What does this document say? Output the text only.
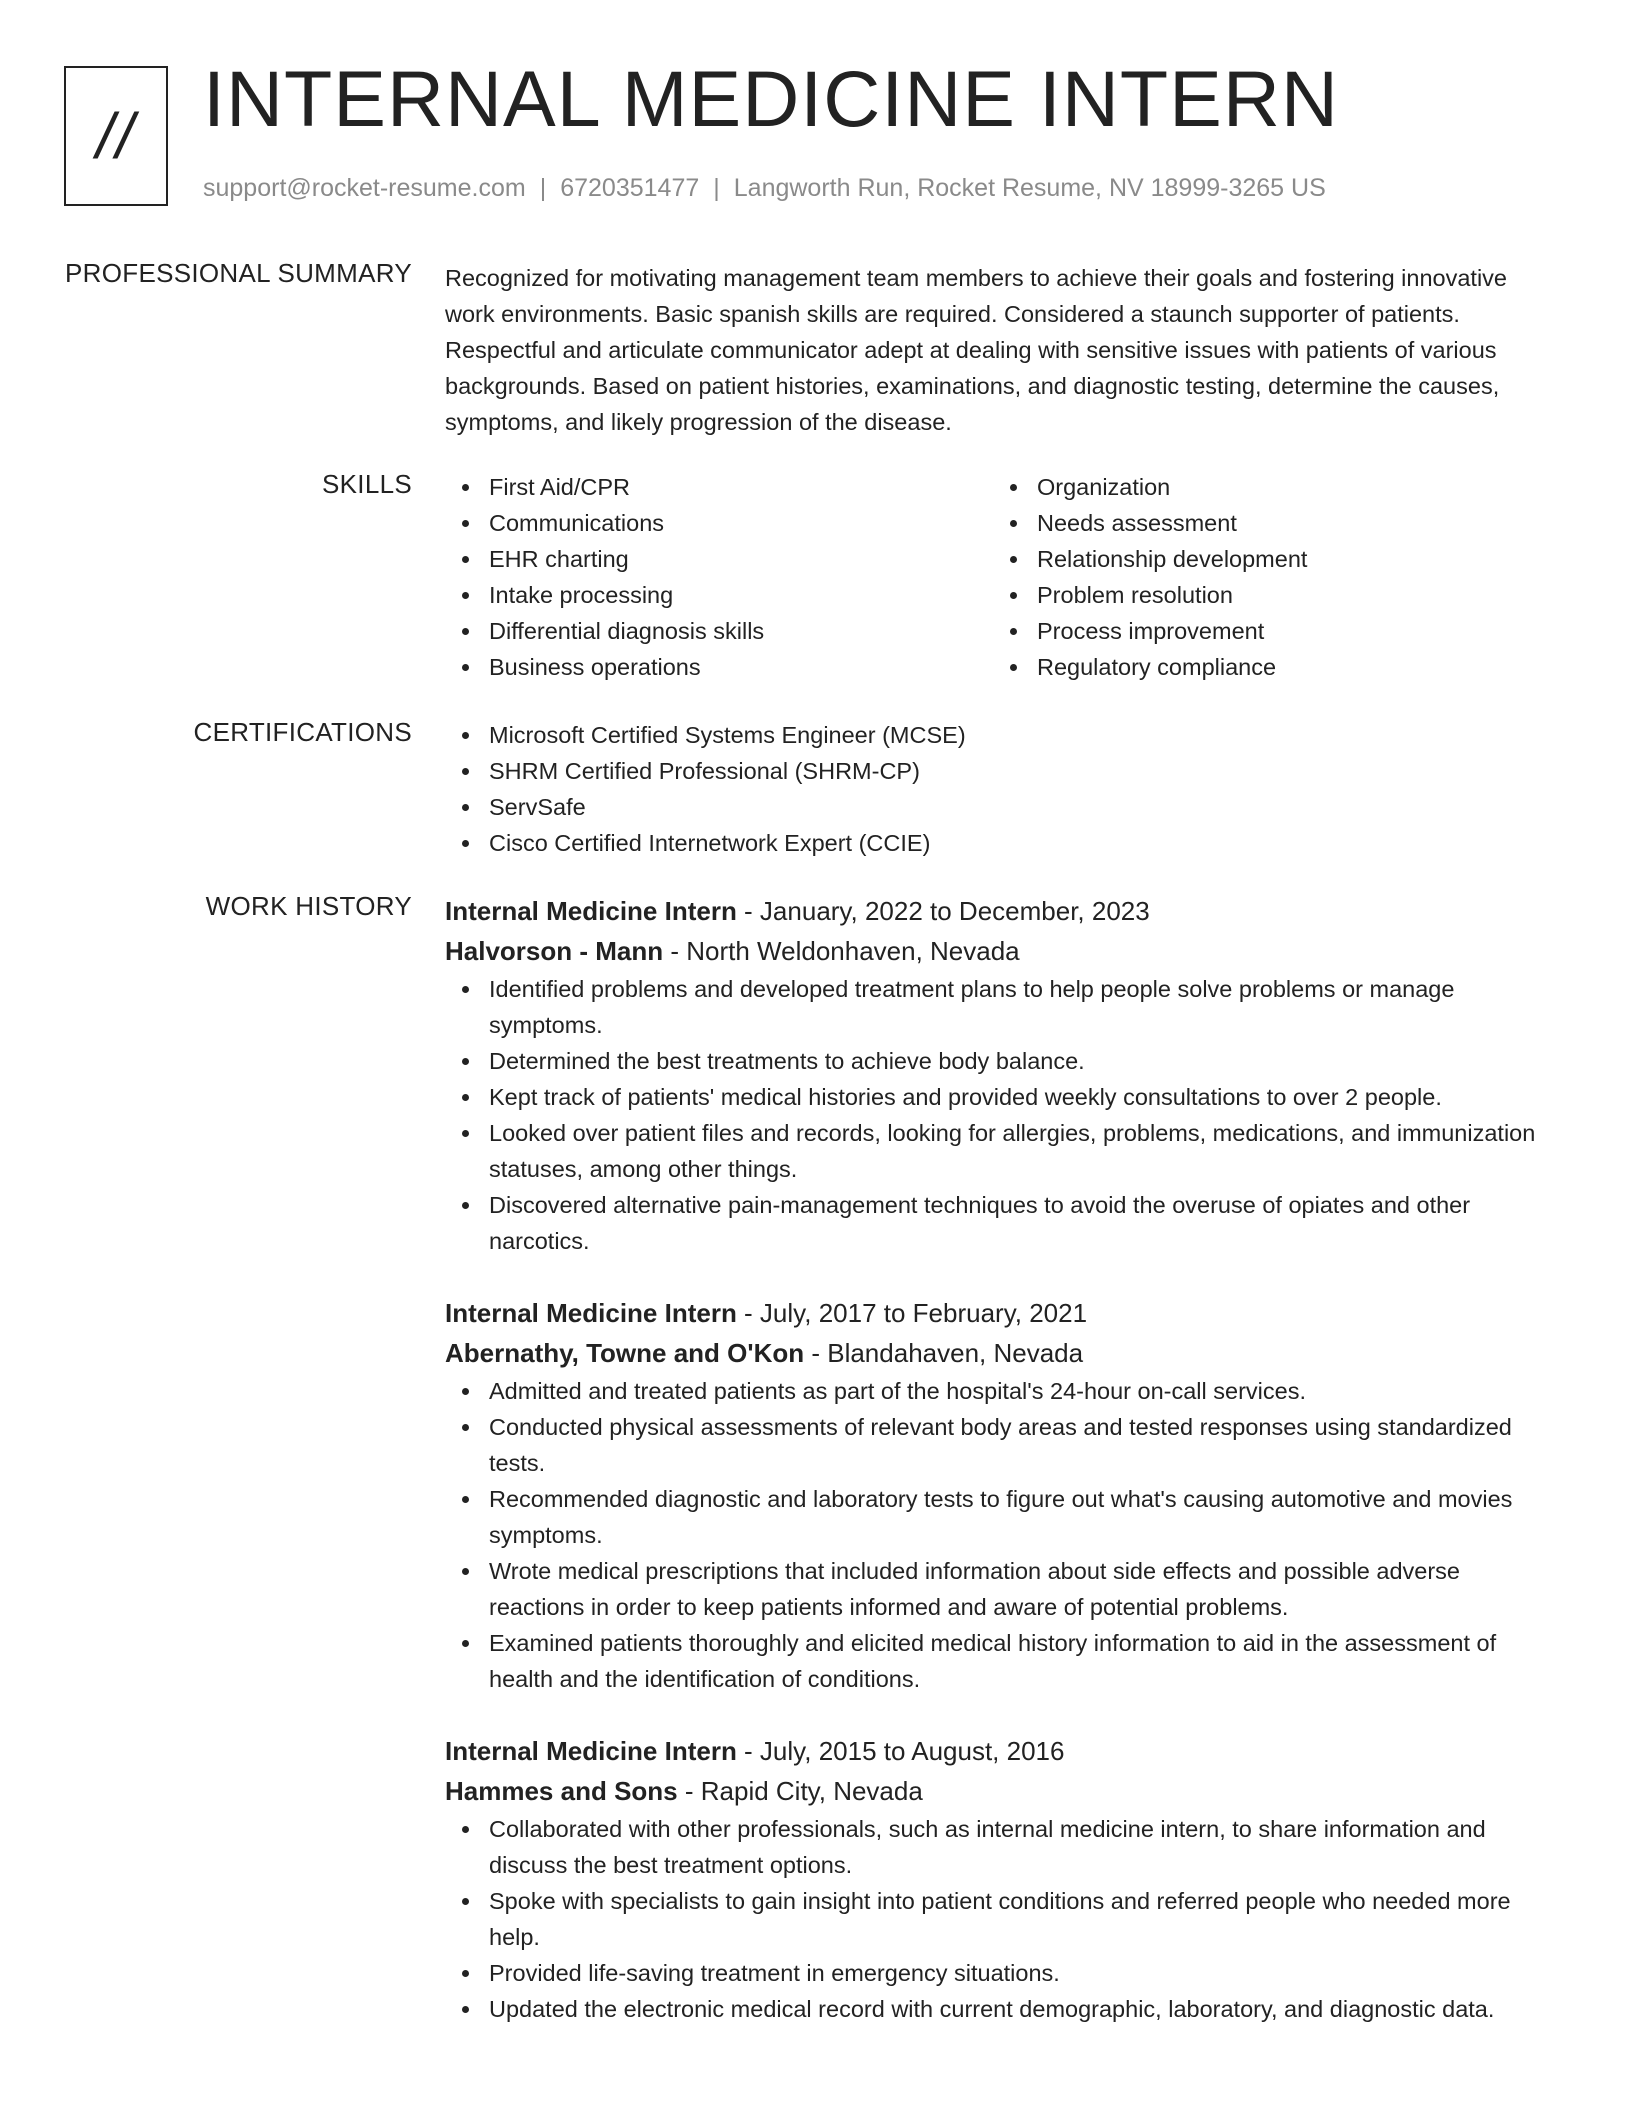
// INTERNAL MEDICINE INTERN
support@rocket-resume.com | 6720351477 | Langworth Run, Rocket Resume, NV 18999-3265 US
PROFESSIONAL SUMMARY Recognized for motivating management team members to achieve their goals and fostering innovative work environments. Basic spanish skills are required. Considered a staunch supporter of patients. Respectful and articulate communicator adept at dealing with sensitive issues with patients of various backgrounds. Based on patient histories, examinations, and diagnostic testing, determine the causes, symptoms, and likely progression of the disease.

SKILLS	First Aid/CPR
Communications
EHR charting
Intake processing
Differential diagnosis skills
Business operations
Organization
Needs assessment
Relationship development
Problem resolution
Process improvement
Regulatory compliance
CERTIFICATIONS	Microsoft Certified Systems Engineer (MCSE)
SHRM Certified Professional (SHRM-CP)
ServSafe
Cisco Certified Internetwork Expert (CCIE)
WORK HISTORY Internal Medicine Intern - January, 2022 to December, 2023
Halvorson - Mann - North Weldonhaven, Nevada
Identified problems and developed treatment plans to help people solve problems or manage symptoms.
Determined the best treatments to achieve body balance.
Kept track of patients' medical histories and provided weekly consultations to over 2 people.
Looked over patient files and records, looking for allergies, problems, medications, and immunization statuses, among other things.
Discovered alternative pain-management techniques to avoid the overuse of opiates and other narcotics.
Internal Medicine Intern - July, 2017 to February, 2021
Abernathy, Towne and O'Kon - Blandahaven, Nevada
Admitted and treated patients as part of the hospital's 24-hour on-call services.
Conducted physical assessments of relevant body areas and tested responses using standardized tests.
Recommended diagnostic and laboratory tests to figure out what's causing automotive and movies symptoms.
Wrote medical prescriptions that included information about side effects and possible adverse reactions in order to keep patients informed and aware of potential problems.
Examined patients thoroughly and elicited medical history information to aid in the assessment of health and the identification of conditions.
Internal Medicine Intern - July, 2015 to August, 2016
Hammes and Sons - Rapid City, Nevada
Collaborated with other professionals, such as internal medicine intern, to share information and discuss the best treatment options.
Spoke with specialists to gain insight into patient conditions and referred people who needed more help.
Provided life-saving treatment in emergency situations.
Updated the electronic medical record with current demographic, laboratory, and diagnostic data.
